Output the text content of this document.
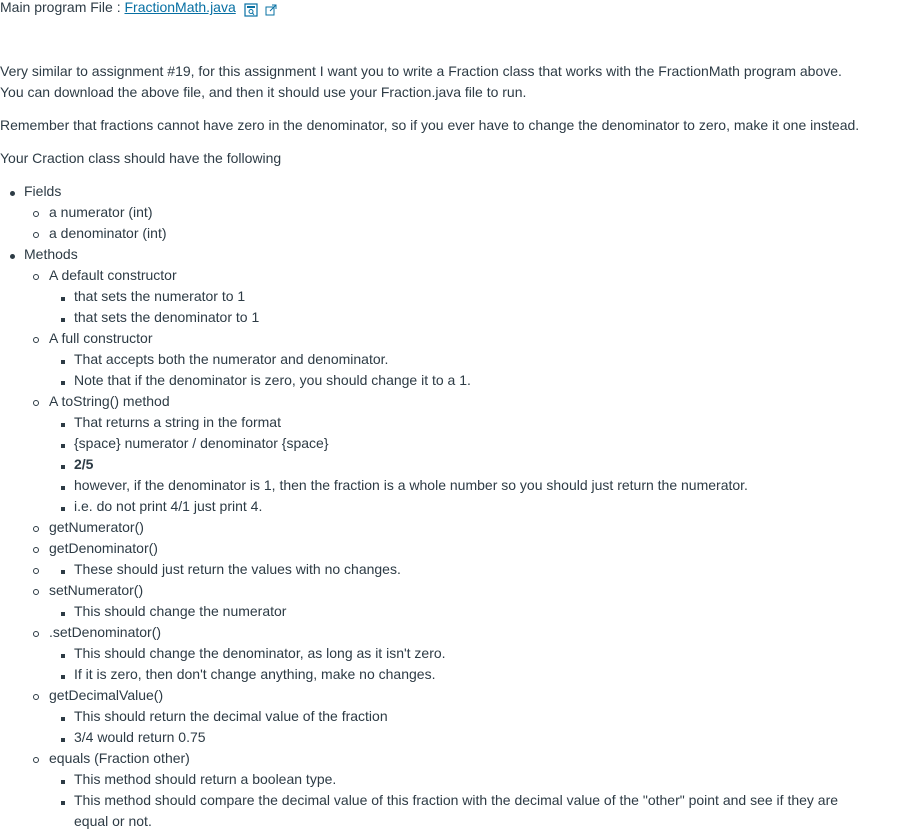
Main program File : FractionMath.java

Very similar to assignment #19, for this assignment I want you to write a Fraction class that works with the FractionMath program above.
You can download the above file, and then it should use your Fraction.java file to run.

Remember that fractions cannot have zero in the denominator, so if you ever have to change the denominator to zero, make it one instead.

Your Craction class should have the following

Fields
a numerator (int)
a denominator (int)
Methods
A default constructor
that sets the numerator to 1
that sets the denominator to 1
A full constructor
That accepts both the numerator and denominator.
Note that if the denominator is zero, you should change it to a 1.
A toString() method
That returns a string in the format
{space} numerator / denominator {space}
2/5
however, if the denominator is 1, then the fraction is a whole number so you should just return the numerator.
i.e. do not print 4/1 just print 4.
getNumerator()
getDenominator()
These should just return the values with no changes.
setNumerator()
This should change the numerator
.setDenominator()
This should change the denominator, as long as it isn't zero.
If it is zero, then don't change anything, make no changes.
getDecimalValue()
This should return the decimal value of the fraction
3/4 would return 0.75
equals (Fraction other)
This method should return a boolean type.
This method should compare the decimal value of this fraction with the decimal value of the "other" point and see if they are equal or not.
